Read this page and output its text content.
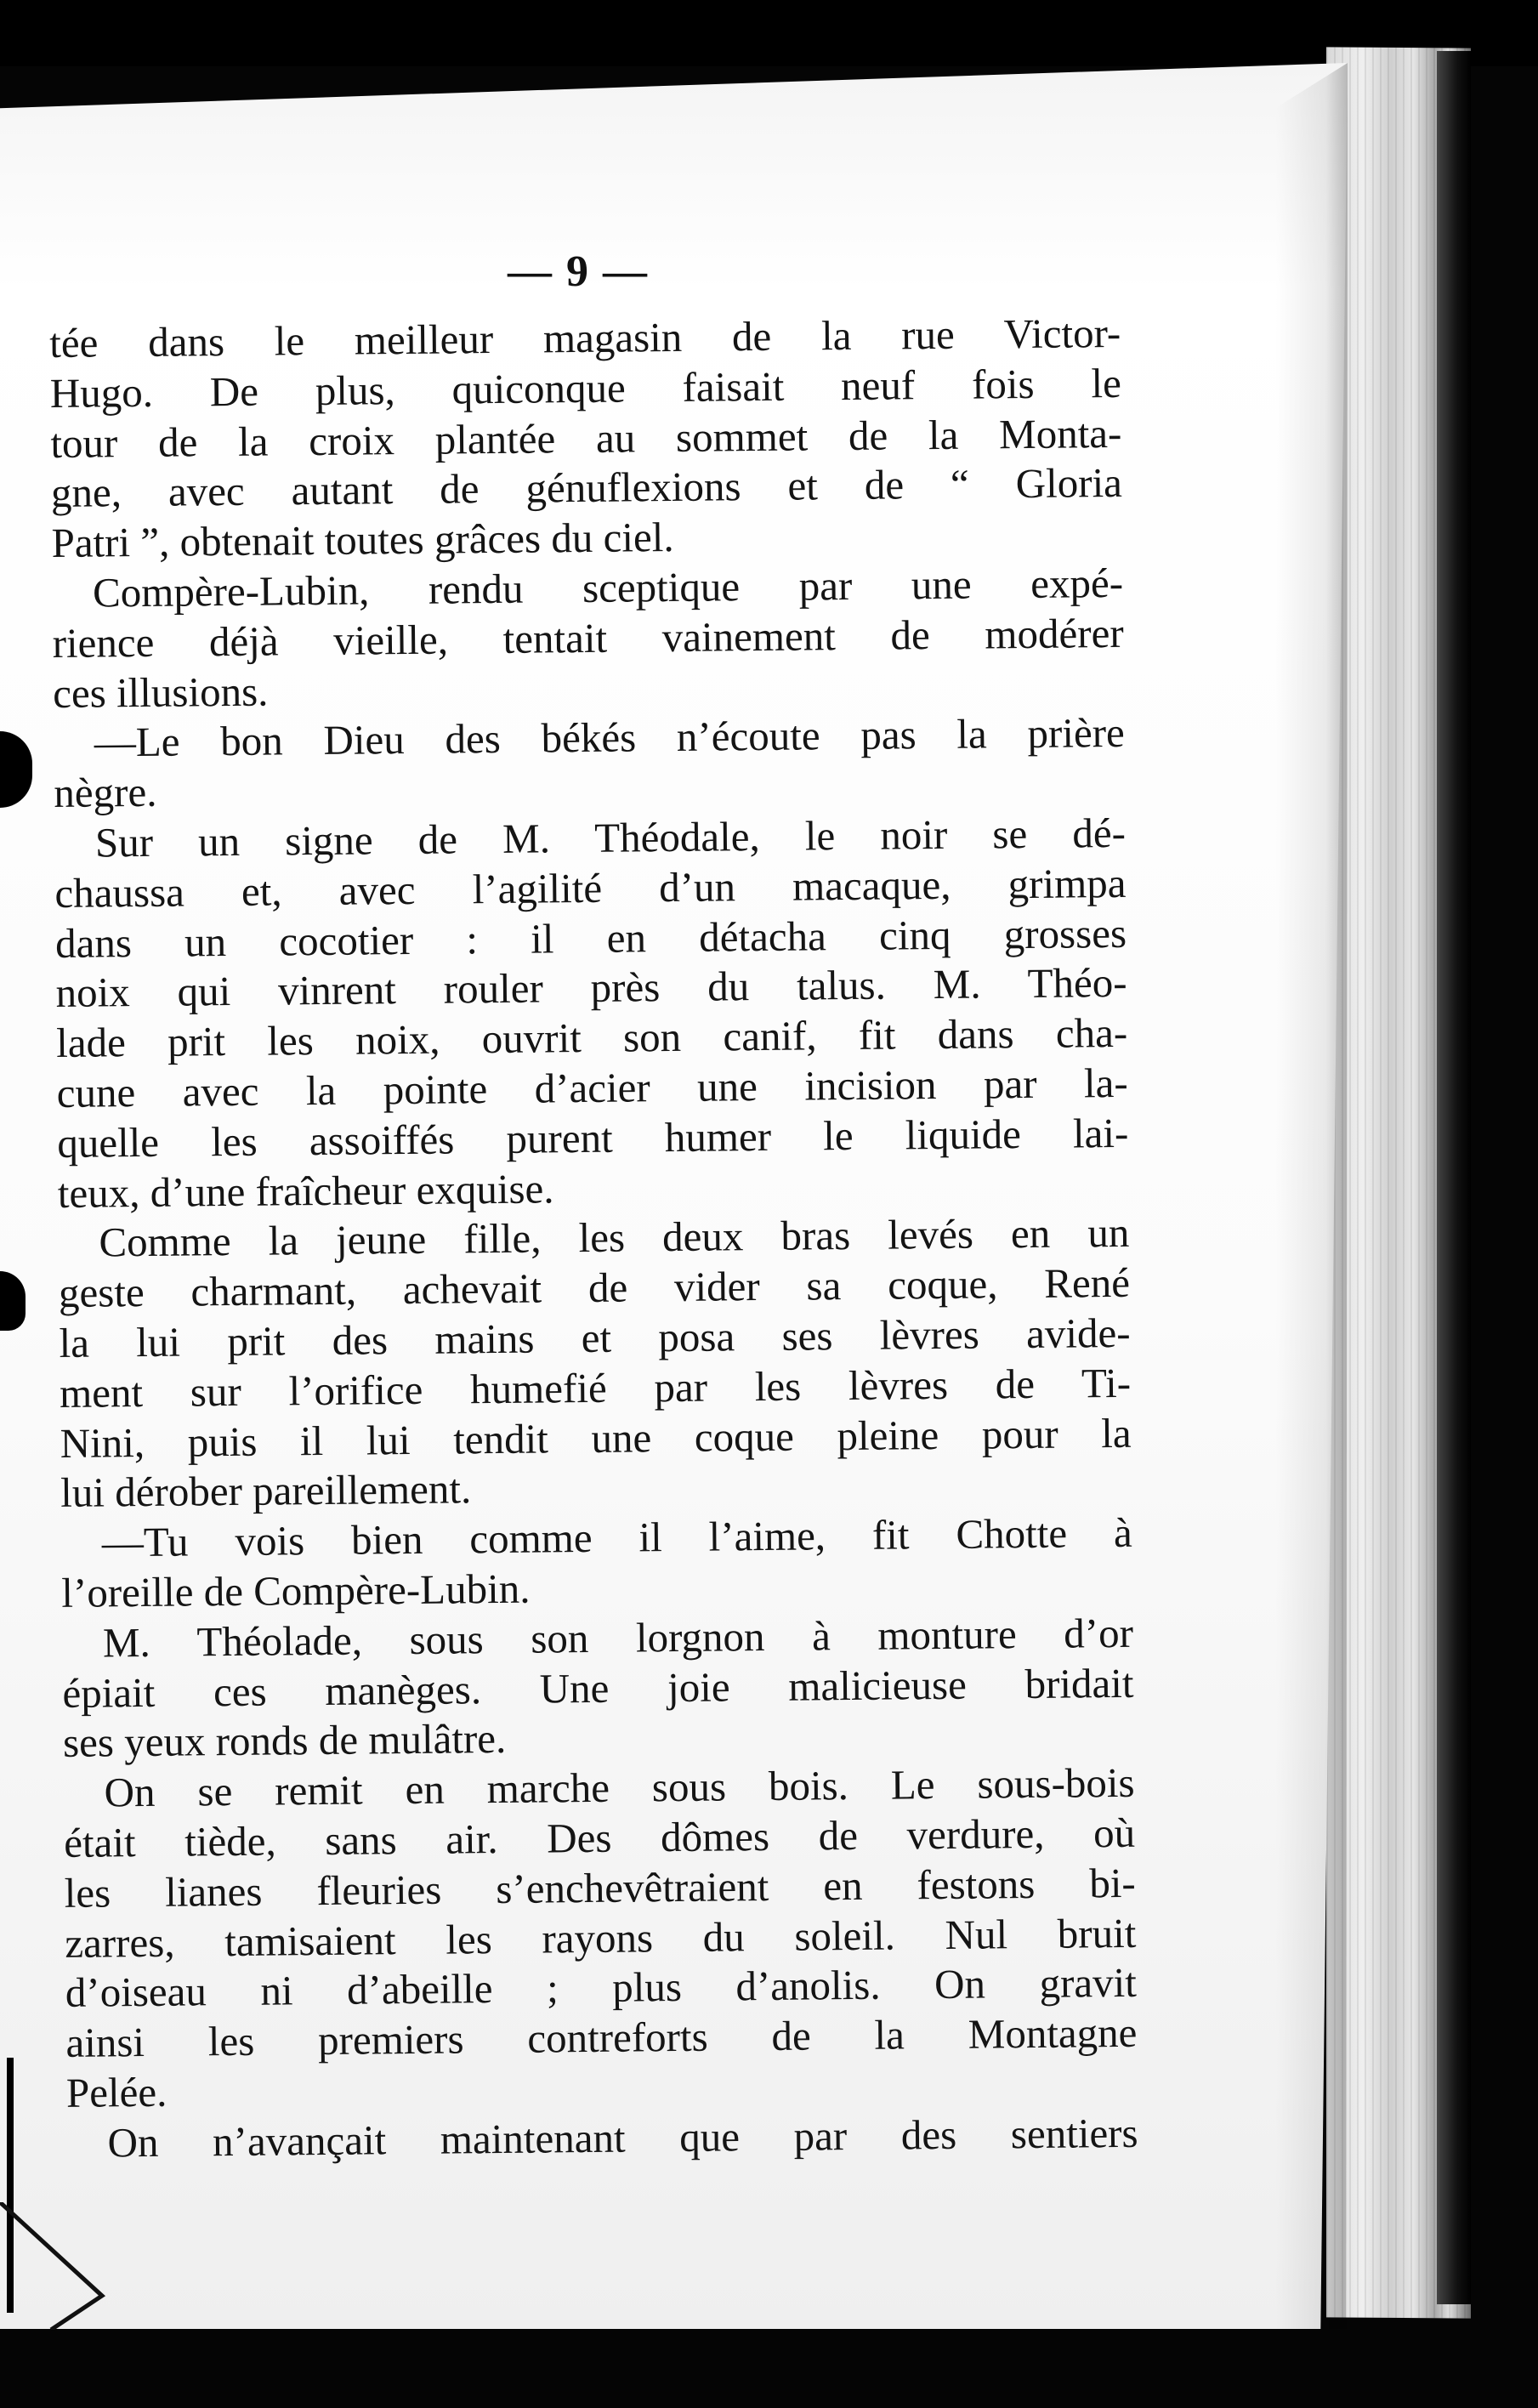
— 9 —
tée dans le meilleur magasin de la rue Victor-
Hugo. De plus, quiconque faisait neuf fois le
tour de la croix plantée au sommet de la Monta-
gne, avec autant de génuflexions et de “ Gloria
Patri ”, obtenait toutes grâces du ciel.
Compère-Lubin, rendu sceptique par une expé-
rience déjà vieille, tentait vainement de modérer
ces illusions.
—Le bon Dieu des békés n’écoute pas la prière
nègre.
Sur un signe de M. Théodale, le noir se dé-
chaussa et, avec l’agilité d’un macaque, grimpa
dans un cocotier : il en détacha cinq grosses
noix qui vinrent rouler près du talus. M. Théo-
lade prit les noix, ouvrit son canif, fit dans cha-
cune avec la pointe d’acier une incision par la-
quelle les assoiffés purent humer le liquide lai-
teux, d’une fraîcheur exquise.
Comme la jeune fille, les deux bras levés en un
geste charmant, achevait de vider sa coque, René
la lui prit des mains et posa ses lèvres avide-
ment sur l’orifice humefié par les lèvres de Ti-
Nini, puis il lui tendit une coque pleine pour la
lui dérober pareillement.
—Tu vois bien comme il l’aime, fit Chotte à
l’oreille de Compère-Lubin.
M. Théolade, sous son lorgnon à monture d’or
épiait ces manèges. Une joie malicieuse bridait
ses yeux ronds de mulâtre.
On se remit en marche sous bois. Le sous-bois
était tiède, sans air. Des dômes de verdure, où
les lianes fleuries s’enchevêtraient en festons bi-
zarres, tamisaient les rayons du soleil. Nul bruit
d’oiseau ni d’abeille ; plus d’anolis. On gravit
ainsi les premiers contreforts de la Montagne
Pelée.
On n’avançait maintenant que par des sentiers
